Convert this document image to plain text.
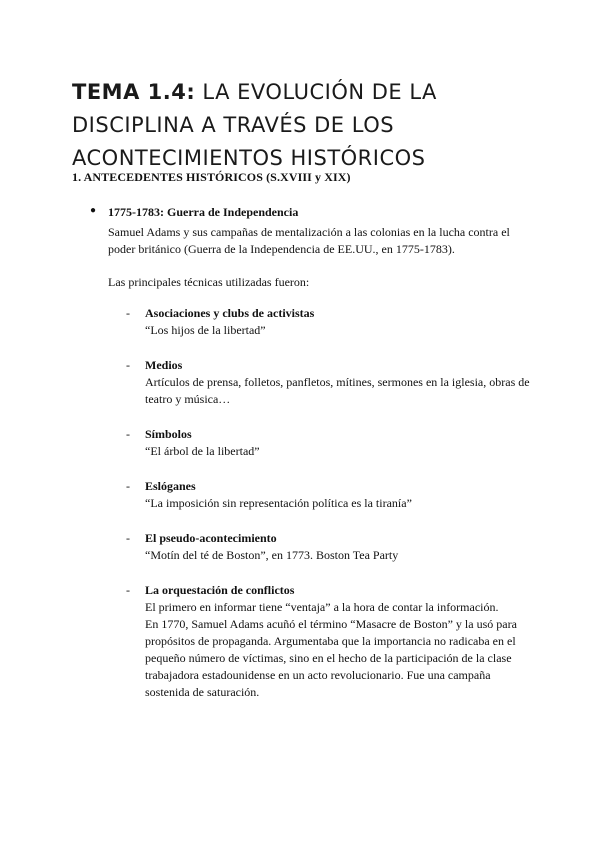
TEMA 1.4: LA EVOLUCIÓN DE LA DISCIPLINA A TRAVÉS DE LOS ACONTECIMIENTOS HISTÓRICOS
1. ANTECEDENTES HISTÓRICOS (S.XVIII y XIX)
● 1775-1783: Guerra de Independencia
Samuel Adams y sus campañas de mentalización a las colonias en la lucha contra el poder británico (Guerra de la Independencia de EE.UU., en 1775-1783).
Las principales técnicas utilizadas fueron:
- Asociaciones y clubs de activistas
“Los hijos de la libertad”
- Medios
Artículos de prensa, folletos, panfletos, mítines, sermones en la iglesia, obras de teatro y música…
- Símbolos
“El árbol de la libertad”
- Eslóganes
“La imposición sin representación política es la tiranía”
- El pseudo-acontecimiento
“Motín del té de Boston”, en 1773. Boston Tea Party
- La orquestación de conflictos
El primero en informar tiene “ventaja” a la hora de contar la información.
En 1770, Samuel Adams acuñó el término “Masacre de Boston” y la usó para propósitos de propaganda. Argumentaba que la importancia no radicaba en el pequeño número de víctimas, sino en el hecho de la participación de la clase trabajadora estadounidense en un acto revolucionario. Fue una campaña sostenida de saturación.
